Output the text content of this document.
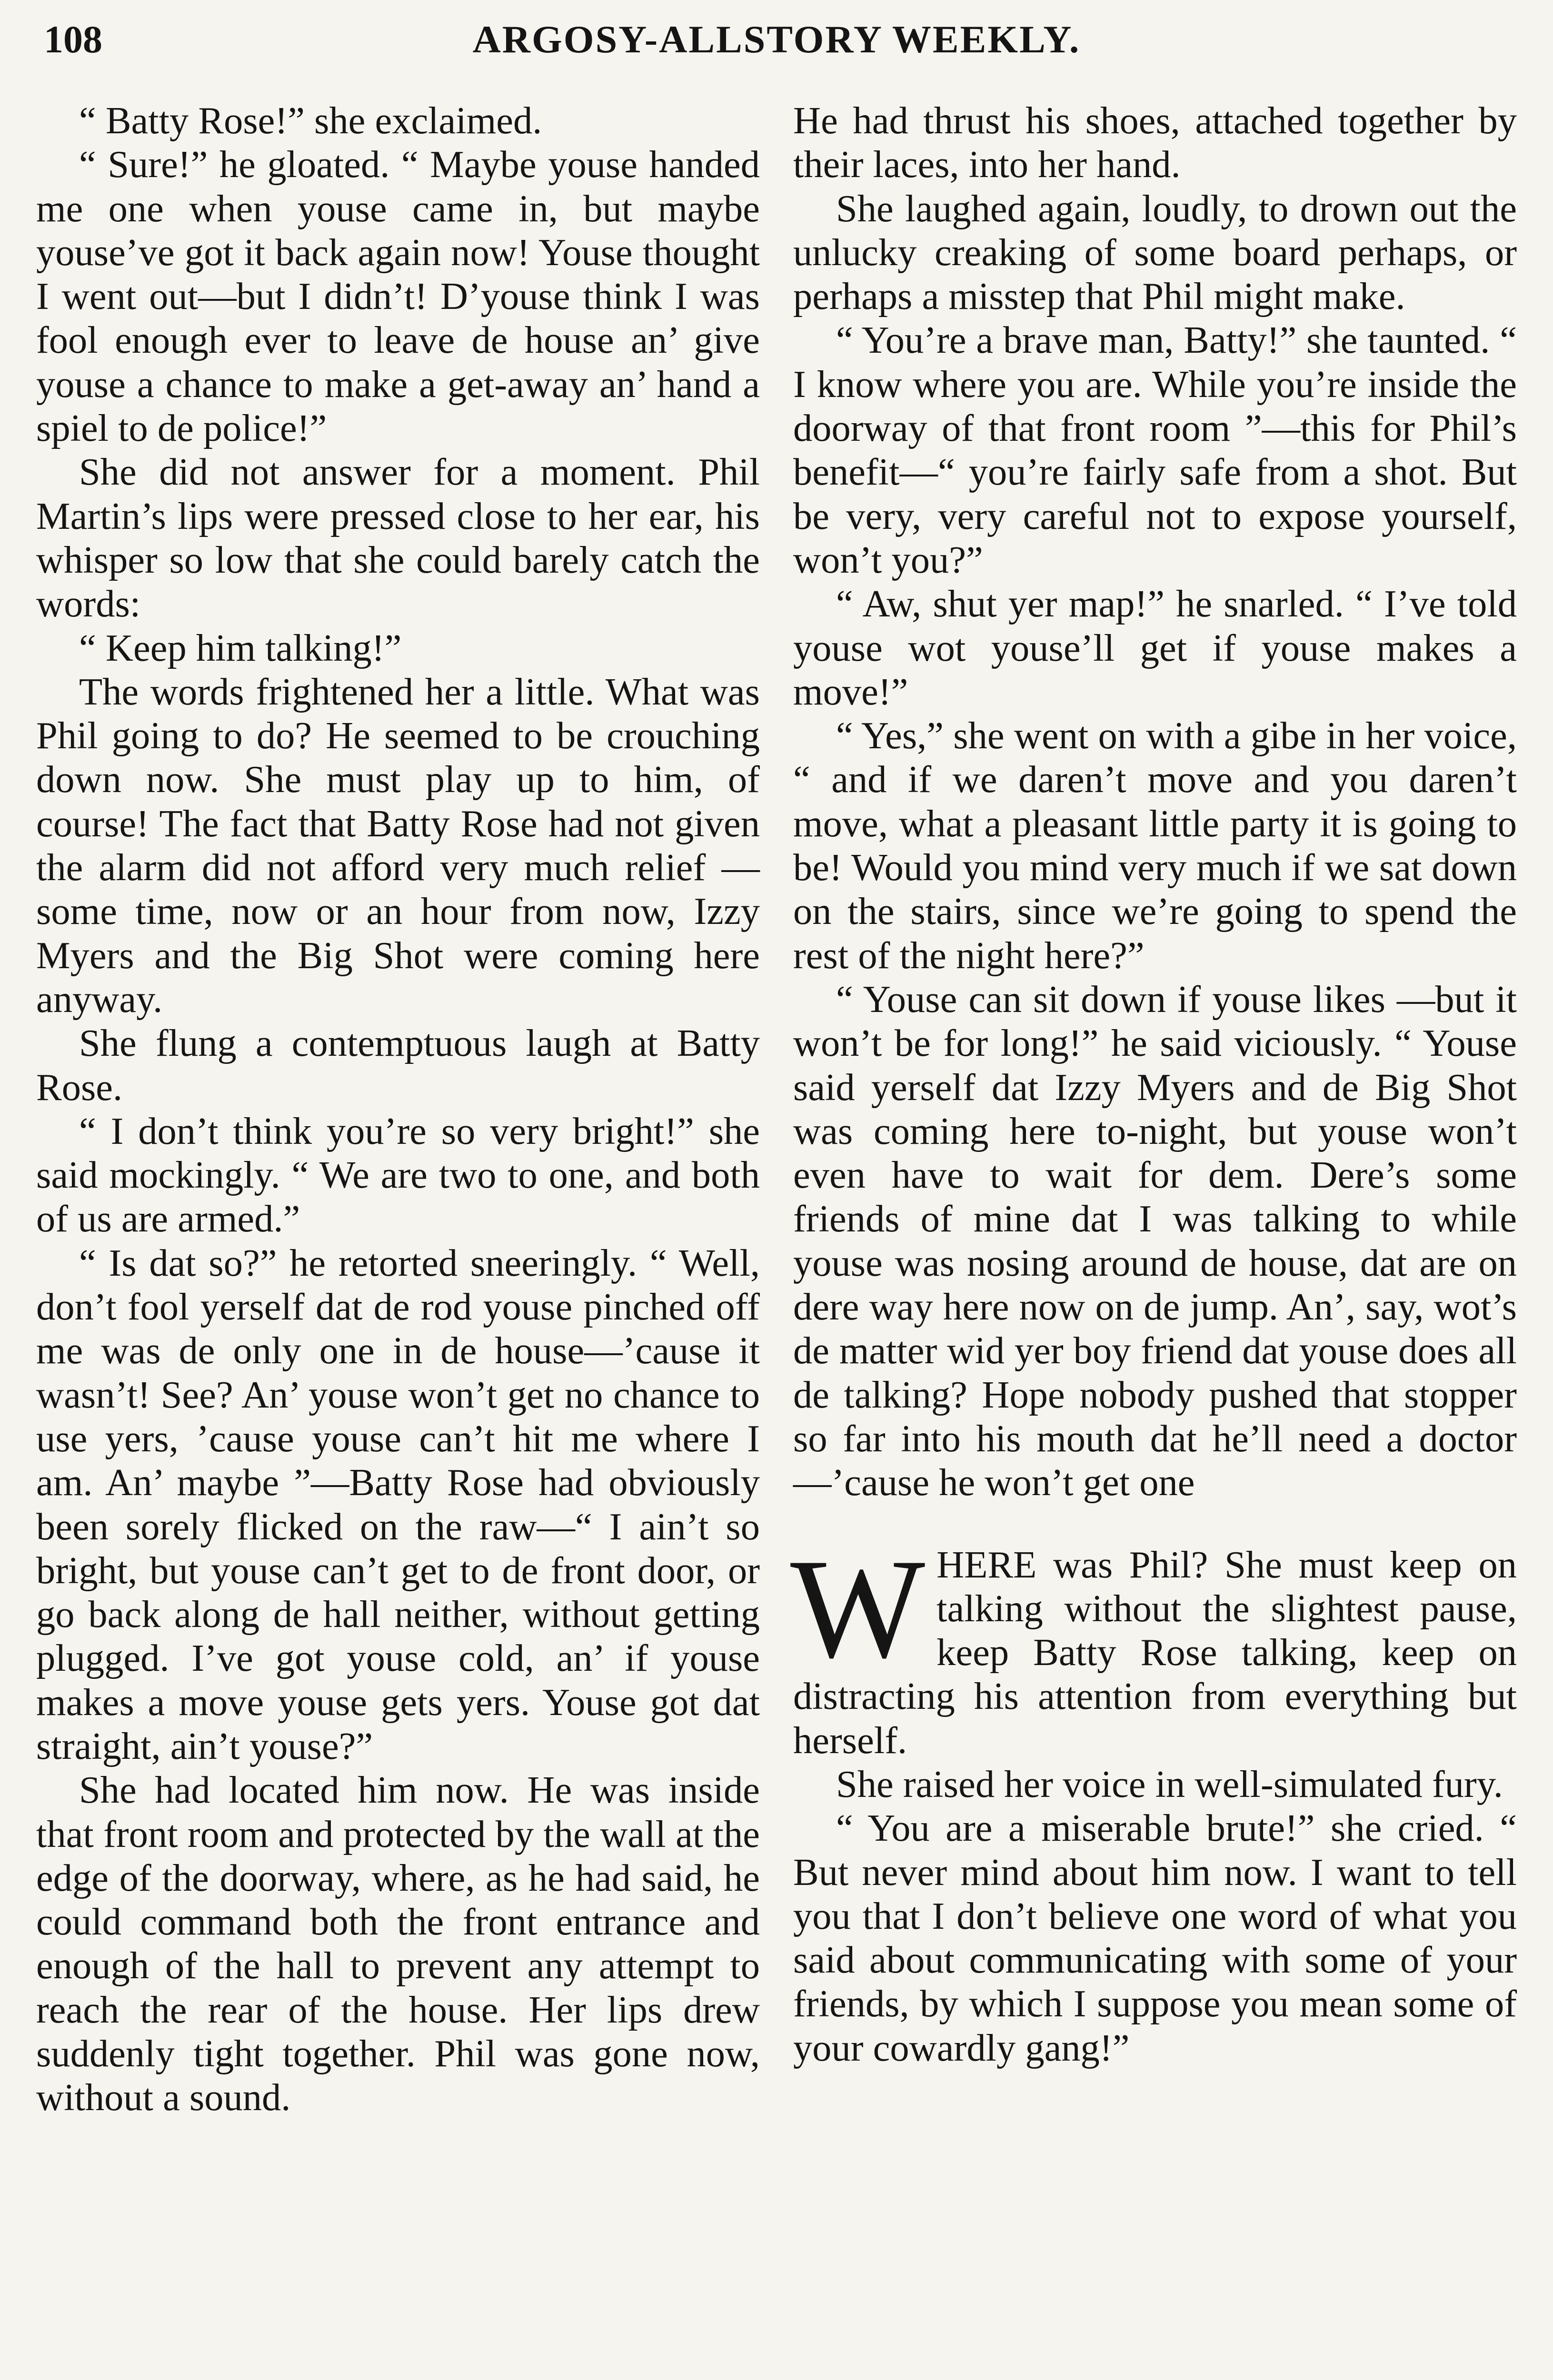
108	ARGOSY-ALLSTORY WEEKLY.

“ Batty Rose!” she exclaimed.

“ Sure!” he gloated. “ Maybe youse handed me one when youse came in, but maybe youse’ve got it back again now! Youse thought I went out—but I didn’t! D’youse think I was fool enough ever to leave de house an’ give youse a chance to make a get-away an’ hand a spiel to de police!”

She did not answer for a moment. Phil Martin’s lips were pressed close to her ear, his whisper so low that she could barely catch the words:

“ Keep him talking!”

The words frightened her a little. What was Phil going to do? He seemed to be crouching down now. She must play up to him, of course! The fact that Batty Rose had not given the alarm did not afford very much relief —some time, now or an hour from now, Izzy Myers and the Big Shot were coming here anyway.

She flung a contemptuous laugh at Batty Rose.

“ I don’t think you’re so very bright!” she said mockingly. “ We are two to one, and both of us are armed.”

“ Is dat so?” he retorted sneeringly. “ Well, don’t fool yerself dat de rod youse pinched off me was de only one in de house—’cause it wasn’t! See? An’ youse won’t get no chance to use yers, ’cause youse can’t hit me where I am. An’ maybe ”—Batty Rose had obviously been sorely flicked on the raw—“ I ain’t so bright, but youse can’t get to de front door, or go back along de hall neither, without getting plugged. I’ve got youse cold, an’ if youse makes a move youse gets yers. Youse got dat straight, ain’t youse?”

She had located him now. He was inside that front room and protected by the wall at the edge of the doorway, where, as he had said, he could command both the front entrance and enough of the hall to prevent any attempt to reach the rear of the house. Her lips drew suddenly tight together. Phil was gone now, without a sound.

He had thrust his shoes, attached together by their laces, into her hand.

She laughed again, loudly, to drown out the unlucky creaking of some board perhaps, or perhaps a misstep that Phil might make.

“ You’re a brave man, Batty!” she taunted. “ I know where you are. While you’re inside the doorway of that front room ”—this for Phil’s benefit—“ you’re fairly safe from a shot. But be very, very careful not to expose yourself, won’t you?”

“ Aw, shut yer map!” he snarled. “ I’ve told youse wot youse’ll get if youse makes a move!”

“ Yes,” she went on with a gibe in her voice, “ and if we daren’t move and you daren’t move, what a pleasant little party it is going to be! Would you mind very much if we sat down on the stairs, since we’re going to spend the rest of the night here?”

“ Youse can sit down if youse likes —but it won’t be for long!” he said viciously. “ Youse said yerself dat Izzy Myers and de Big Shot was coming here to-night, but youse won’t even have to wait for dem. Dere’s some friends of mine dat I was talking to while youse was nosing around de house, dat are on dere way here now on de jump. An’, say, wot’s de matter wid yer boy friend dat youse does all de talking? Hope nobody pushed that stopper so far into his mouth dat he’ll need a doctor—’cause he won’t get one

WHERE was Phil? She must keep on talking without the slightest pause, keep Batty Rose talking, keep on distracting his attention from everything but herself.

She raised her voice in well-simulated fury.

“ You are a miserable brute!” she cried. “ But never mind about him now. I want to tell you that I don’t believe one word of what you said about communicating with some of your friends, by which I suppose you mean some of your cowardly gang!”
